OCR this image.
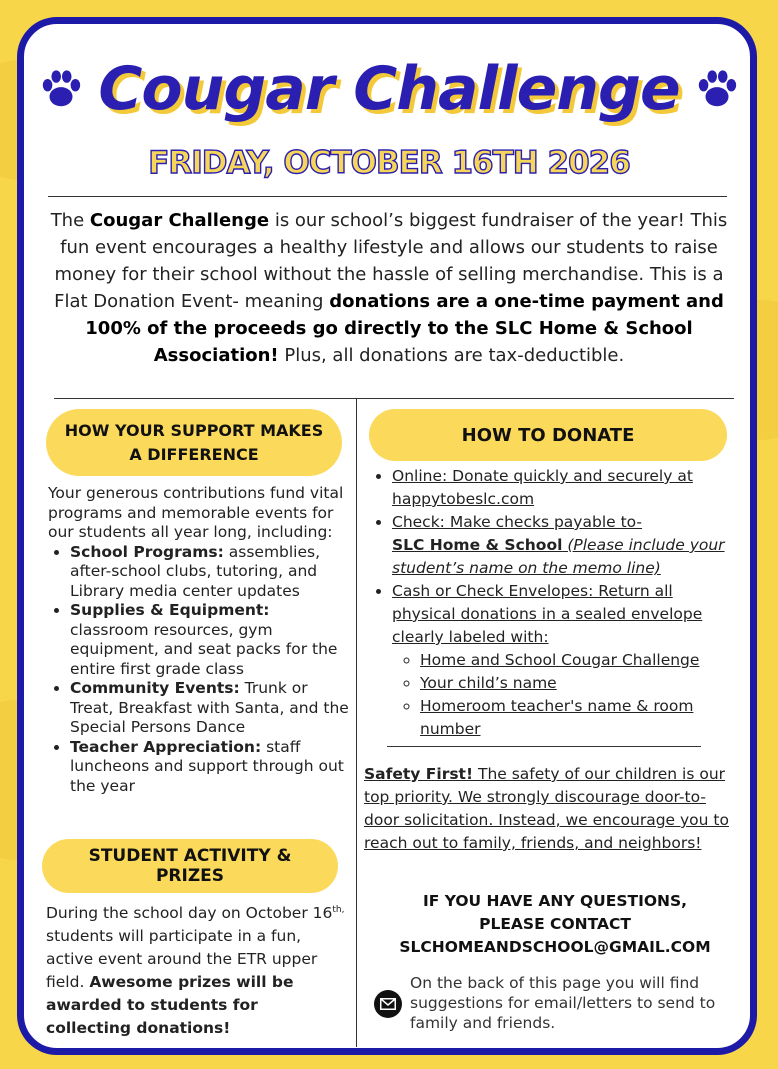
Cougar Challenge
FRIDAY, OCTOBER 16TH 2026
The Cougar Challenge is our school’s biggest fundraiser of the year! This fun event encourages a healthy lifestyle and allows our students to raise money for their school without the hassle of selling merchandise. This is a Flat Donation Event- meaning donations are a one-time payment and 100% of the proceeds go directly to the SLC Home & School Association! Plus, all donations are tax-deductible.
HOW YOUR SUPPORT MAKES A DIFFERENCE
Your generous contributions fund vital programs and memorable events for our students all year long, including:
• School Programs: assemblies, after-school clubs, tutoring, and Library media center updates
• Supplies & Equipment: classroom resources, gym equipment, and seat packs for the entire first grade class
• Community Events: Trunk or Treat, Breakfast with Santa, and the Special Persons Dance
• Teacher Appreciation: staff luncheons and support through out the year
STUDENT ACTIVITY & PRIZES
During the school day on October $16^{th,}$ students will participate in a fun, active event around the ETR upper field. Awesome prizes will be awarded to students for collecting donations!
HOW TO DONATE
• Online: Donate quickly and securely at happytobeslc.com
• Check: Make checks payable to-
SLC Home & School (Please include your student’s name on the memo line)
• Cash or Check Envelopes: Return all physical donations in a sealed envelope clearly labeled with:
◦ Home and School Cougar Challenge
◦ Your child’s name
◦ Homeroom teacher's name & room number
Safety First! The safety of our children is our top priority. We strongly discourage door-to-door solicitation. Instead, we encourage you to reach out to family, friends, and neighbors!
IF YOU HAVE ANY QUESTIONS,
PLEASE CONTACT
SLCHOMEANDSCHOOL@GMAIL.COM
On the back of this page you will find suggestions for email/letters to send to family and friends.
